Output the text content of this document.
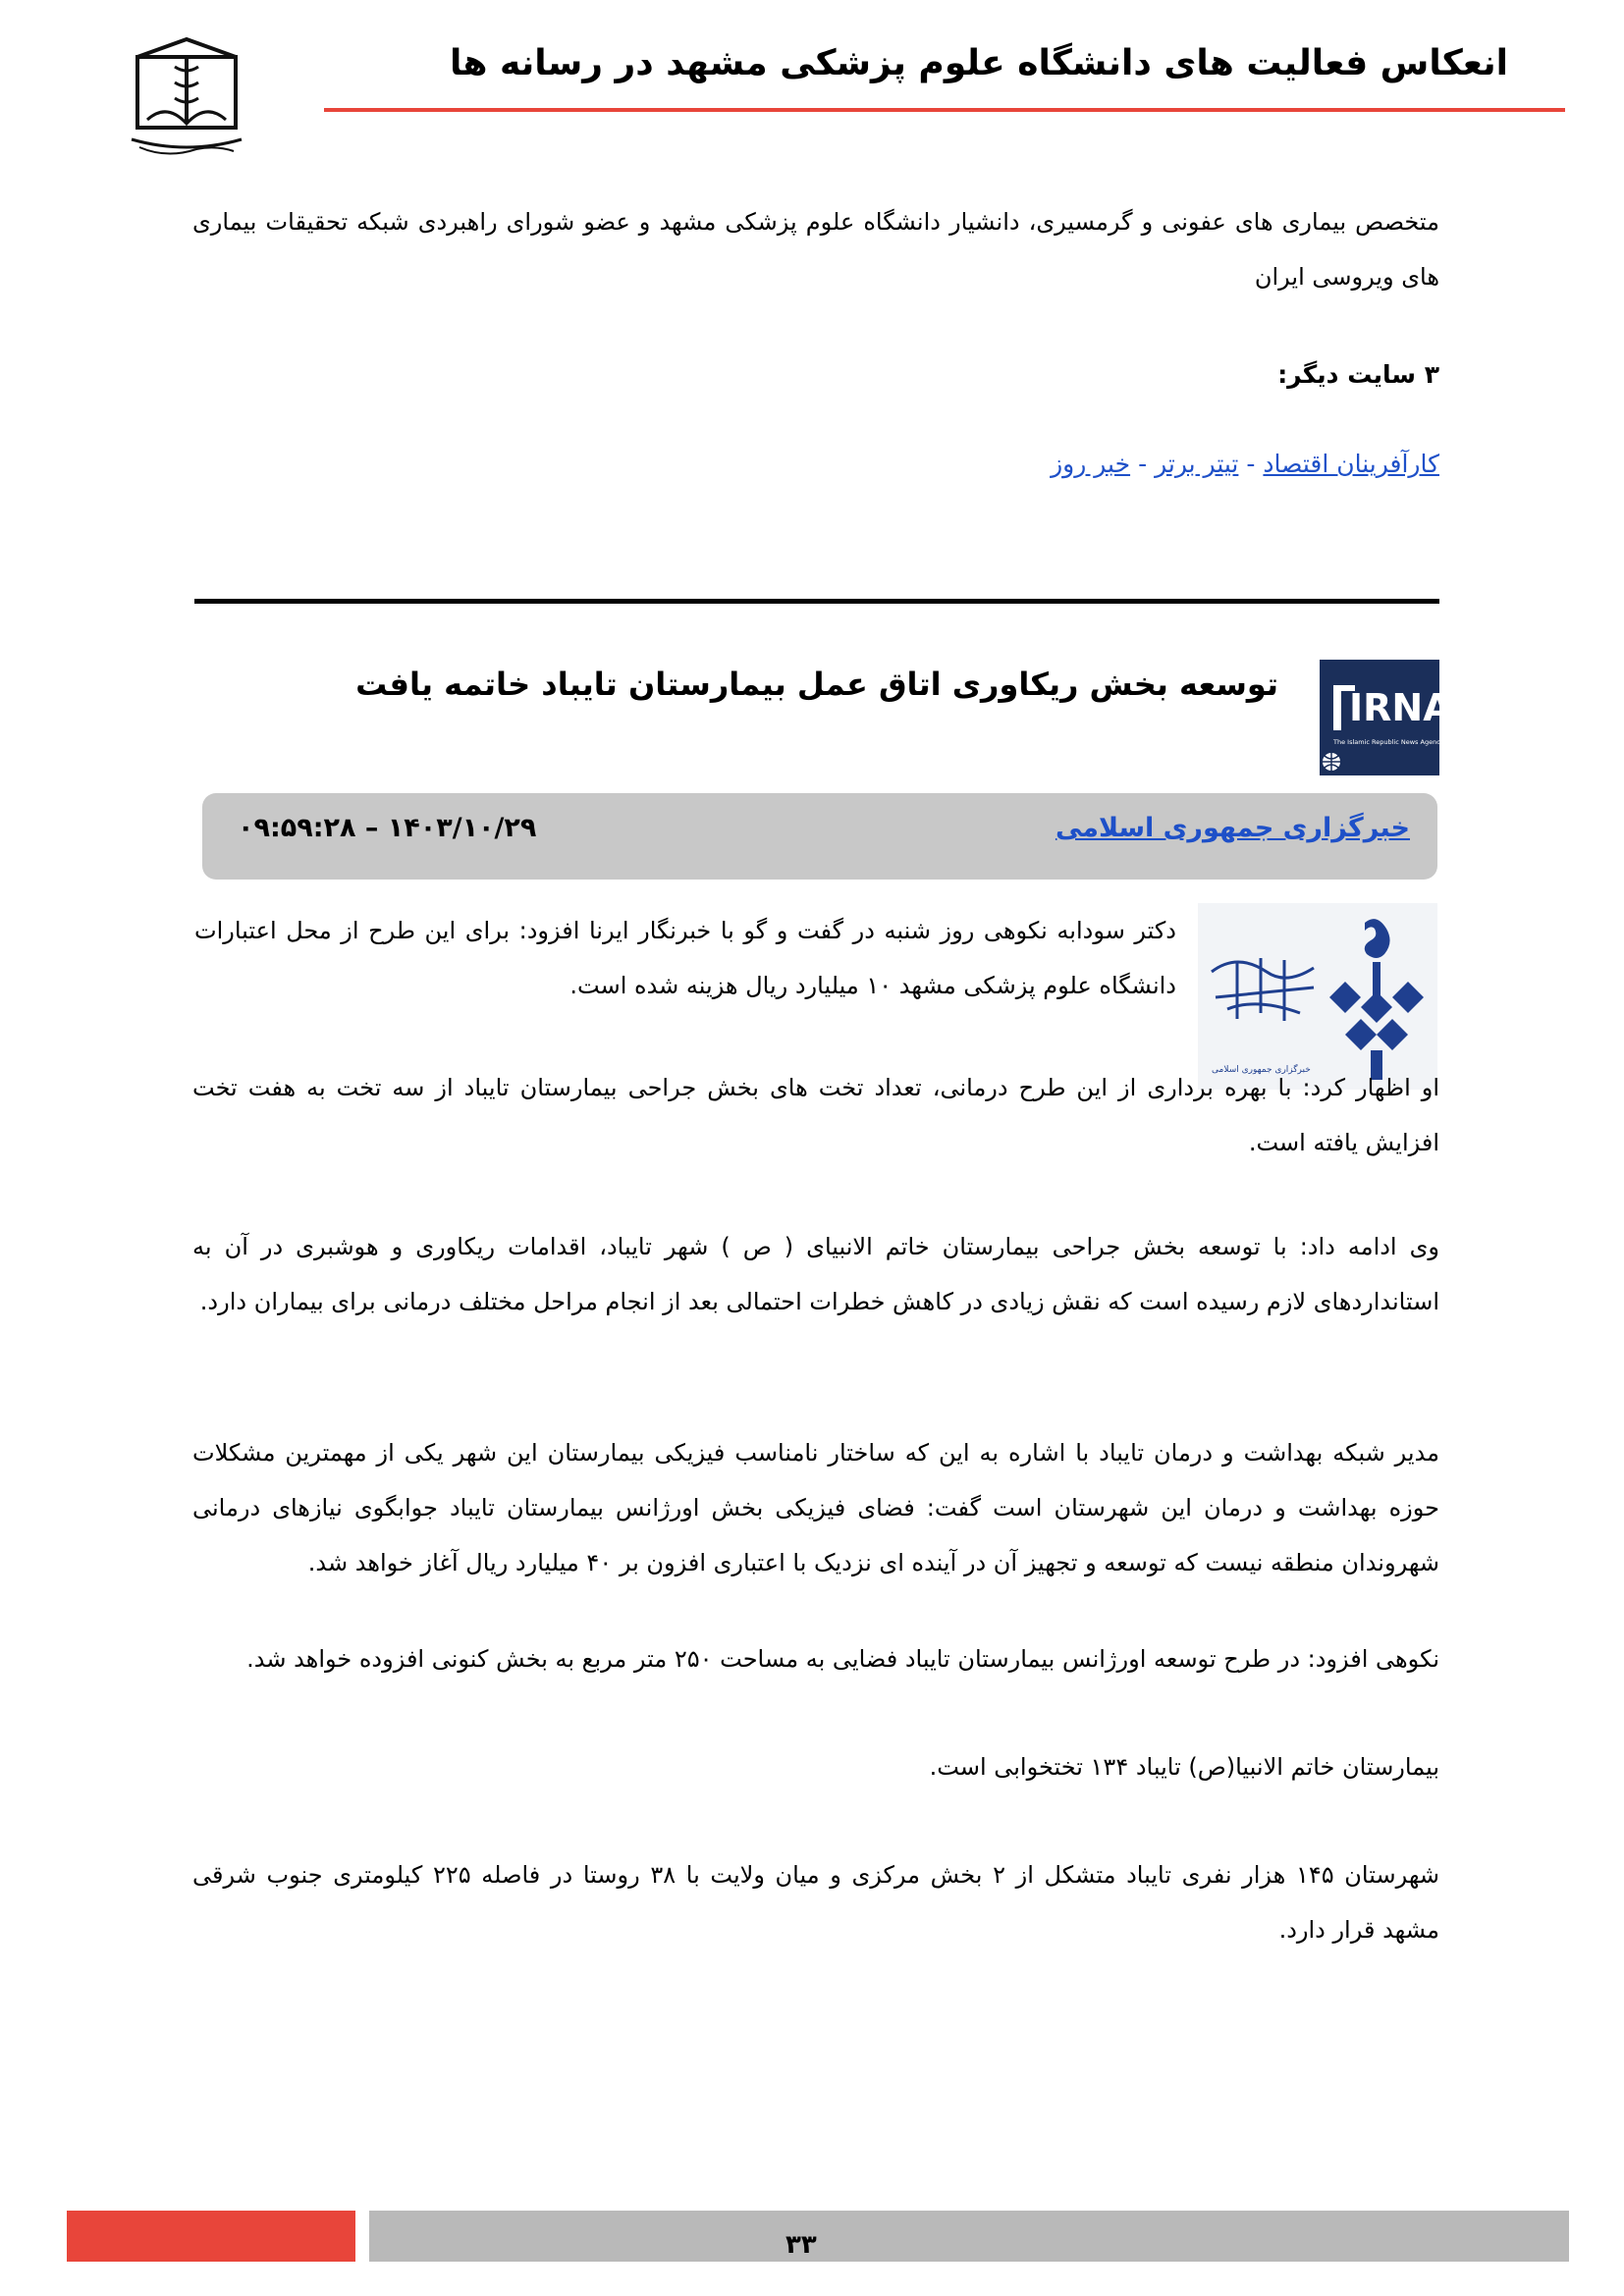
انعکاس فعالیت های دانشگاه علوم پزشکی مشهد در رسانه ها
متخصص بیماری های عفونی و گرمسیری، دانشیار دانشگاه علوم پزشکی مشهد و عضو شورای راهبردی شبکه تحقیقات بیماری های ویروسی ایران
۳ سایت دیگر:
کارآفرینان اقتصاد-تیتر برتر-خبر روز
IRNA
The Islamic Republic News Agency
توسعه بخش ریکاوری اتاق عمل بیمارستان تایباد خاتمه یافت
خبرگزاری جمهوری اسلامی
۱۴۰۳/۱۰/۲۹ – ۰۹:۵۹:۲۸
خبرگزاری جمهوری اسلامی
دکتر سودابه نکوهی روز شنبه در گفت و گو با خبرنگار ایرنا افزود: برای این طرح از محل اعتبارات دانشگاه علوم پزشکی مشهد ۱۰ میلیارد ریال هزینه شده است.
او اظهار کرد: با بهره برداری از این طرح درمانی، تعداد تخت های بخش جراحی بیمارستان تایباد از سه تخت به هفت تخت افزایش یافته است.
وی ادامه داد: با توسعه بخش جراحی بیمارستان خاتم الانبیای ( ص ) شهر تایباد، اقدامات ریکاوری و هوشبری در آن به استانداردهای لازم رسیده است که نقش زیادی در کاهش خطرات احتمالی بعد از انجام مراحل مختلف درمانی برای بیماران دارد.
مدیر شبکه بهداشت و درمان تایباد با اشاره به این که ساختار نامناسب فیزیکی بیمارستان این شهر یکی از مهمترین مشکلات حوزه بهداشت و درمان این شهرستان است گفت: فضای فیزیکی بخش اورژانس بیمارستان تایباد جوابگوی نیازهای درمانی شهروندان منطقه نیست که توسعه و تجهیز آن در آینده ای نزدیک با اعتباری افزون بر ۴۰ میلیارد ریال آغاز خواهد شد.
نکوهی افزود: در طرح توسعه اورژانس بیمارستان تایباد فضایی به مساحت ۲۵۰ متر مربع به بخش کنونی افزوده خواهد شد.
بیمارستان خاتم الانبیا(ص) تایباد ۱۳۴ تختخوابی است.
شهرستان ۱۴۵ هزار نفری تایباد متشکل از ۲ بخش مرکزی و میان ولایت با ۳۸ روستا در فاصله ۲۲۵ کیلومتری جنوب شرقی مشهد قرار دارد.
۳۳
